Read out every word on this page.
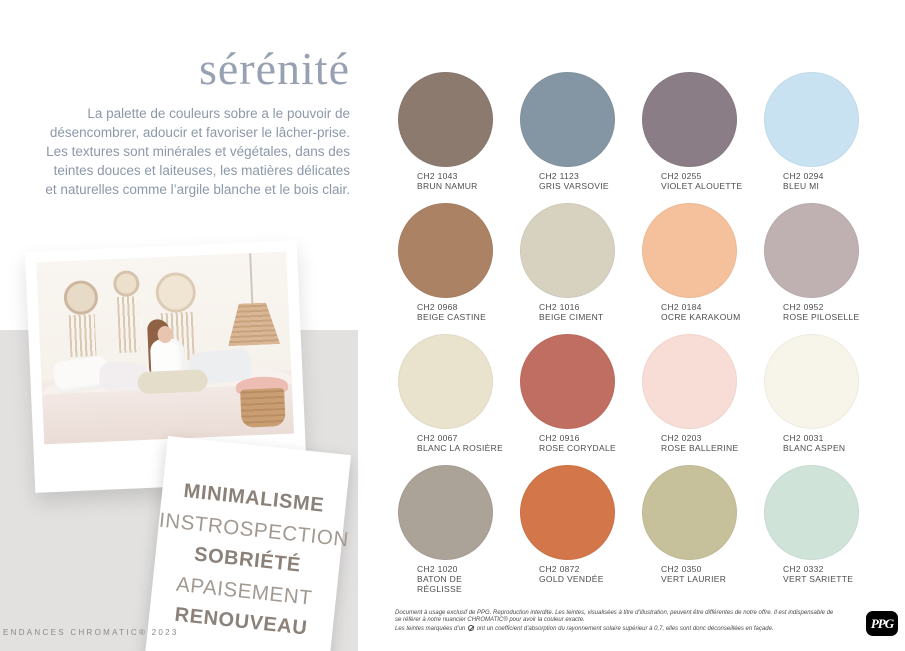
sérénité
La palette de couleurs sobre a le pouvoir de désencombrer, adoucir et favoriser le lâcher-prise. Les textures sont minérales et végétales, dans des teintes douces et laiteuses, les matières délicates et naturelles comme l’argile blanche et le bois clair.
MINIMALISME
INSTROSPECTION
SOBRIÉTÉ
APAISEMENT
RENOUVEAU
CH2 1043
BRUN NAMUR
CH2 1123
GRIS VARSOVIE
CH2 0255
VIOLET ALOUETTE
CH2 0294
BLEU MI
CH2 0968
BEIGE CASTINE
CH2 1016
BEIGE CIMENT
CH2 0184
OCRE KARAKOUM
CH2 0952
ROSE PILOSELLE
CH2 0067
BLANC LA ROSIÈRE
CH2 0916
ROSE CORYDALE
CH2 0203
ROSE BALLERINE
CH2 0031
BLANC ASPEN
CH2 1020
BATON DE RÉGLISSE
CH2 0872
GOLD VENDÉE
CH2 0350
VERT LAURIER
CH2 0332
VERT SARIETTE
ENDANCES CHROMATIC® 2023
Document à usage exclusif de PPG. Reproduction interdite. Les teintes, visualisées à titre d’illustration, peuvent être différentes de notre offre. Il est indispensable de
se référer à notre nuancier CHROMATIC® pour avoir la couleur exacte.
Les teintes marquées d’un  ont un coefficient d’absorption du rayonnement solaire supérieur à 0,7, elles sont donc déconseillées en façade.	PPG
